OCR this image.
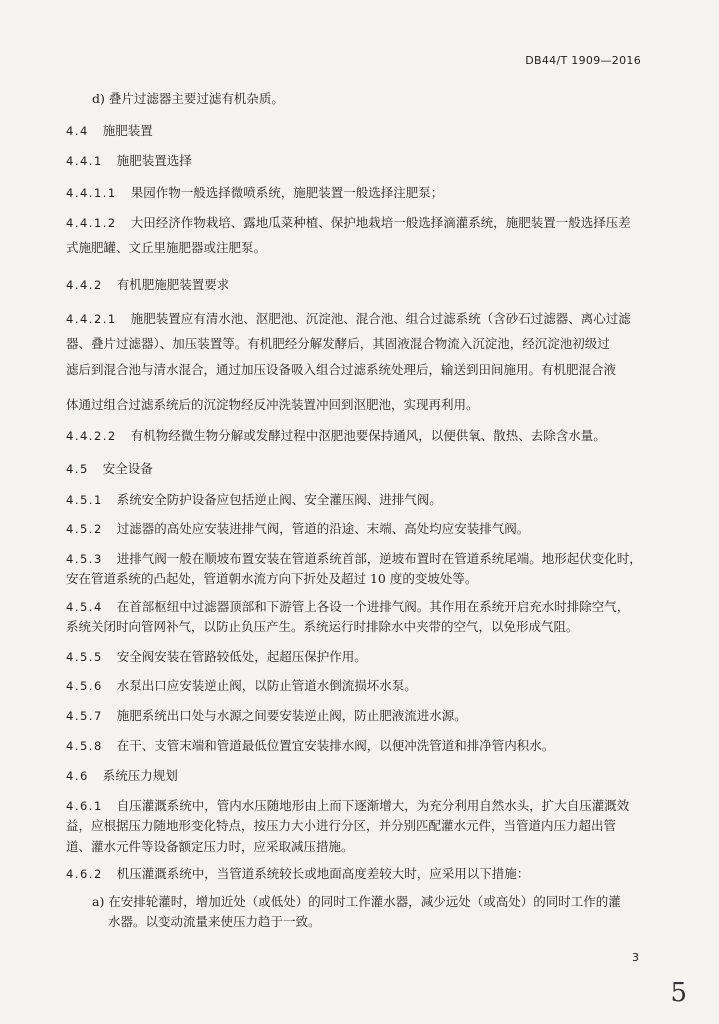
DB44/T 1909—2016
d) 叠片过滤器主要过滤有机杂质。
4.4 施肥装置
4.4.1 施肥装置选择
4.4.1.1 果园作物一般选择微喷系统，施肥装置一般选择注肥泵；
4.4.1.2 大田经济作物栽培、露地瓜菜种植、保护地栽培一般选择滴灌系统，施肥装置一般选择压差
式施肥罐、文丘里施肥器或注肥泵。
4.4.2 有机肥施肥装置要求
4.4.2.1 施肥装置应有清水池、沤肥池、沉淀池、混合池、组合过滤系统（含砂石过滤器、离心过滤
器、叠片过滤器）、加压装置等。有机肥经分解发酵后，其固液混合物流入沉淀池，经沉淀池初级过
滤后到混合池与清水混合，通过加压设备吸入组合过滤系统处理后，输送到田间施用。有机肥混合液
体通过组合过滤系统后的沉淀物经反冲洗装置冲回到沤肥池，实现再利用。
4.4.2.2 有机物经微生物分解或发酵过程中沤肥池要保持通风，以便供氧、散热、去除含水量。
4.5 安全设备
4.5.1 系统安全防护设备应包括逆止阀、安全灌压阀、进排气阀。
4.5.2 过滤器的高处应安装进排气阀，管道的沿途、末端、高处均应安装排气阀。
4.5.3 进排气阀一般在顺坡布置安装在管道系统首部，逆坡布置时在管道系统尾端。地形起伏变化时，
安在管道系统的凸起处，管道朝水流方向下折处及超过 10 度的变坡处等。
4.5.4 在首部枢纽中过滤器顶部和下游管上各设一个进排气阀。其作用在系统开启充水时排除空气，
系统关闭时向管网补气，以防止负压产生。系统运行时排除水中夹带的空气，以免形成气阻。
4.5.5 安全阀安装在管路较低处，起超压保护作用。
4.5.6 水泵出口应安装逆止阀，以防止管道水倒流损坏水泵。
4.5.7 施肥系统出口处与水源之间要安装逆止阀，防止肥液流进水源。
4.5.8 在干、支管末端和管道最低位置宜安装排水阀，以便冲洗管道和排净管内积水。
4.6 系统压力规划
4.6.1 自压灌溉系统中，管内水压随地形由上而下逐渐增大，为充分利用自然水头，扩大自压灌溉效
益，应根据压力随地形变化特点，按压力大小进行分区，并分别匹配灌水元件，当管道内压力超出管
道、灌水元件等设备额定压力时，应采取减压措施。
4.6.2 机压灌溉系统中，当管道系统较长或地面高度差较大时，应采用以下措施：
a) 在安排轮灌时，增加近处（或低处）的同时工作灌水器，减少远处（或高处）的同时工作的灌
水器。以变动流量来使压力趋于一致。
3
5
